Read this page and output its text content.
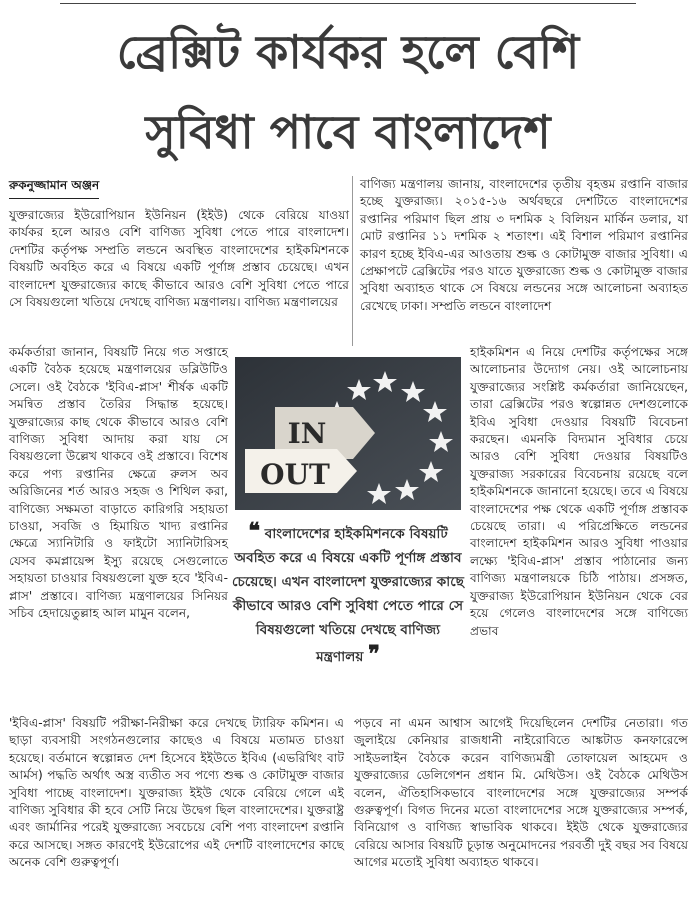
ব্রেক্সিট কার্যকর হলে বেশি
সুবিধা পাবে বাংলাদেশ
রুকনুজ্জামান অঞ্জন

যুক্তরাজ্যের ইউরোপিয়ান ইউনিয়ন (ইইউ) থেকে বেরিয়ে যাওয়া কার্যকর হলে আরও বেশি বাণিজ্য সুবিধা পেতে পারে বাংলাদেশ। দেশটির কর্তৃপক্ষ সম্প্রতি লন্ডনে অবস্থিত বাংলাদেশের হাইকমিশনকে বিষয়টি অবহিত করে এ বিষয়ে একটি পূর্ণাঙ্গ প্রস্তাব চেয়েছে। এখন বাংলাদেশ যুক্তরাজ্যের কাছে কীভাবে আরও বেশি সুবিধা পেতে পারে সে বিষয়গুলো খতিয়ে দেখছে বাণিজ্য মন্ত্রণালয়। বাণিজ্য মন্ত্রণালয়ের

বাণিজ্য মন্ত্রণালয় জানায়, বাংলাদেশের তৃতীয় বৃহত্তম রপ্তানি বাজার হচ্ছে যুক্তরাজ্য। ২০১৫-১৬ অর্থবছরে দেশটিতে বাংলাদেশের রপ্তানির পরিমাণ ছিল প্রায় ৩ দশমিক ২ বিলিয়ন মার্কিন ডলার, যা মোট রপ্তানির ১১ দশমিক ২ শতাংশ। এই বিশাল পরিমাণ রপ্তানির কারণ হচ্ছে ইবিএ-এর আওতায় শুল্ক ও কোটামুক্ত বাজার সুবিধা। এ প্রেক্ষাপটে ব্রেক্সিটের পরও যাতে যুক্তরাজ্যে শুল্ক ও কোটামুক্ত বাজার সুবিধা অব্যাহত থাকে সে বিষয়ে লন্ডনের সঙ্গে আলোচনা অব্যাহত রেখেছে ঢাকা। সম্প্রতি লন্ডনে বাংলাদেশ

কর্মকর্তারা জানান, বিষয়টি নিয়ে গত সপ্তাহে একটি বৈঠক হয়েছে মন্ত্রণালয়ের ডব্লিউটিও সেলে। ওই বৈঠকে 'ইবিএ-প্লাস' শীর্ষক একটি সমন্বিত প্রস্তাব তৈরির সিদ্ধান্ত হয়েছে। যুক্তরাজ্যের কাছ থেকে কীভাবে আরও বেশি বাণিজ্য সুবিধা আদায় করা যায় সে বিষয়গুলো উল্লেখ থাকবে ওই প্রস্তাবে। বিশেষ করে পণ্য রপ্তানির ক্ষেত্রে রুলস অব অরিজিনের শর্ত আরও সহজ ও শিথিল করা, বাণিজ্যে সক্ষমতা বাড়াতে কারিগরি সহায়তা চাওয়া, সবজি ও হিমায়িত খাদ্য রপ্তানির ক্ষেত্রে স্যানিটারি ও ফাইটো স্যানিটারিসহ যেসব কমপ্লায়েন্স ইস্যু রয়েছে সেগুলোতে সহায়তা চাওয়ার বিষয়গুলো যুক্ত হবে 'ইবিএ-প্লাস' প্রস্তাবে। বাণিজ্য মন্ত্রণালয়ের সিনিয়র সচিব হেদায়েতুল্লাহ আল মামুন বলেন,

IN
OUT
❝ বাংলাদেশের হাইকমিশনকে বিষয়টি অবহিত করে এ বিষয়ে একটি পূর্ণাঙ্গ প্রস্তাব চেয়েছে। এখন বাংলাদেশ যুক্তরাজ্যের কাছে কীভাবে আরও বেশি সুবিধা পেতে পারে সে বিষয়গুলো খতিয়ে দেখছে বাণিজ্য মন্ত্রণালয় ❞

হাইকমিশন এ নিয়ে দেশটির কর্তৃপক্ষের সঙ্গে আলোচনার উদ্যোগ নেয়। ওই আলোচনায় যুক্তরাজ্যের সংশ্লিষ্ট কর্মকর্তারা জানিয়েছেন, তারা ব্রেক্সিটের পরও স্বল্পোন্নত দেশগুলোকে ইবিএ সুবিধা দেওয়ার বিষয়টি বিবেচনা করছেন। এমনকি বিদ্যমান সুবিধার চেয়ে আরও বেশি সুবিধা দেওয়ার বিষয়টিও যুক্তরাজ্য সরকারের বিবেচনায় রয়েছে বলে হাইকমিশনকে জানানো হয়েছে। তবে এ বিষয়ে বাংলাদেশের পক্ষ থেকে একটি পূর্ণাঙ্গ প্রস্তাবক চেয়েছে তারা। এ পরিপ্রেক্ষিতে লন্ডনের বাংলাদেশ হাইকমিশন আরও সুবিধা পাওয়ার লক্ষ্যে 'ইবিএ-প্লাস' প্রস্তাব পাঠানোর জন্য বাণিজ্য মন্ত্রণালয়কে চিঠি পাঠায়। প্রসঙ্গত, যুক্তরাজ্য ইউরোপিয়ান ইউনিয়ন থেকে বের হয়ে গেলেও বাংলাদেশের সঙ্গে বাণিজ্যে প্রভাব

'ইবিএ-প্লাস' বিষয়টি পরীক্ষা-নিরীক্ষা করে দেখছে ট্যারিফ কমিশন। এ ছাড়া ব্যবসায়ী সংগঠনগুলোর কাছেও এ বিষয়ে মতামত চাওয়া হয়েছে। বর্তমানে স্বল্পোন্নত দেশ হিসেবে ইইউতে ইবিএ (এভরিথিং বাট আর্মস) পদ্ধতি অর্থাৎ অস্ত্র ব্যতীত সব পণ্যে শুল্ক ও কোটামুক্ত বাজার সুবিধা পাচ্ছে বাংলাদেশ। যুক্তরাজ্য ইইউ থেকে বেরিয়ে গেলে এই বাণিজ্য সুবিধার কী হবে সেটি নিয়ে উদ্বেগ ছিল বাংলাদেশের। যুক্তরাষ্ট্র এবং জার্মানির পরেই যুক্তরাজ্যে সবচেয়ে বেশি পণ্য বাংলাদেশ রপ্তানি করে আসছে। সঙ্গত কারণেই ইউরোপের এই দেশটি বাংলাদেশের কাছে অনেক বেশি গুরুত্বপূর্ণ।

পড়বে না এমন আশ্বাস আগেই দিয়েছিলেন দেশটির নেতারা। গত জুলাইয়ে কেনিয়ার রাজধানী নাইরোবিতে আঙ্কটাড কনফারেন্সে সাইডলাইন বৈঠকে করেন বাণিজ্যমন্ত্রী তোফায়েল আহমেদ ও যুক্তরাজ্যের ডেলিগেশন প্রধান মি. মেথিউস। ওই বৈঠকে মেথিউস বলেন, ঐতিহাসিকভাবে বাংলাদেশের সঙ্গে যুক্তরাজ্যের সম্পর্ক গুরুত্বপূর্ণ। বিগত দিনের মতো বাংলাদেশের সঙ্গে যুক্তরাজ্যের সম্পর্ক, বিনিয়োগ ও বাণিজ্য স্বাভাবিক থাকবে। ইইউ থেকে যুক্তরাজ্যের বেরিয়ে আসার বিষয়টি চূড়ান্ত অনুমোদনের পরবর্তী দুই বছর সব বিষয়ে আগের মতোই সুবিধা অব্যাহত থাকবে।
